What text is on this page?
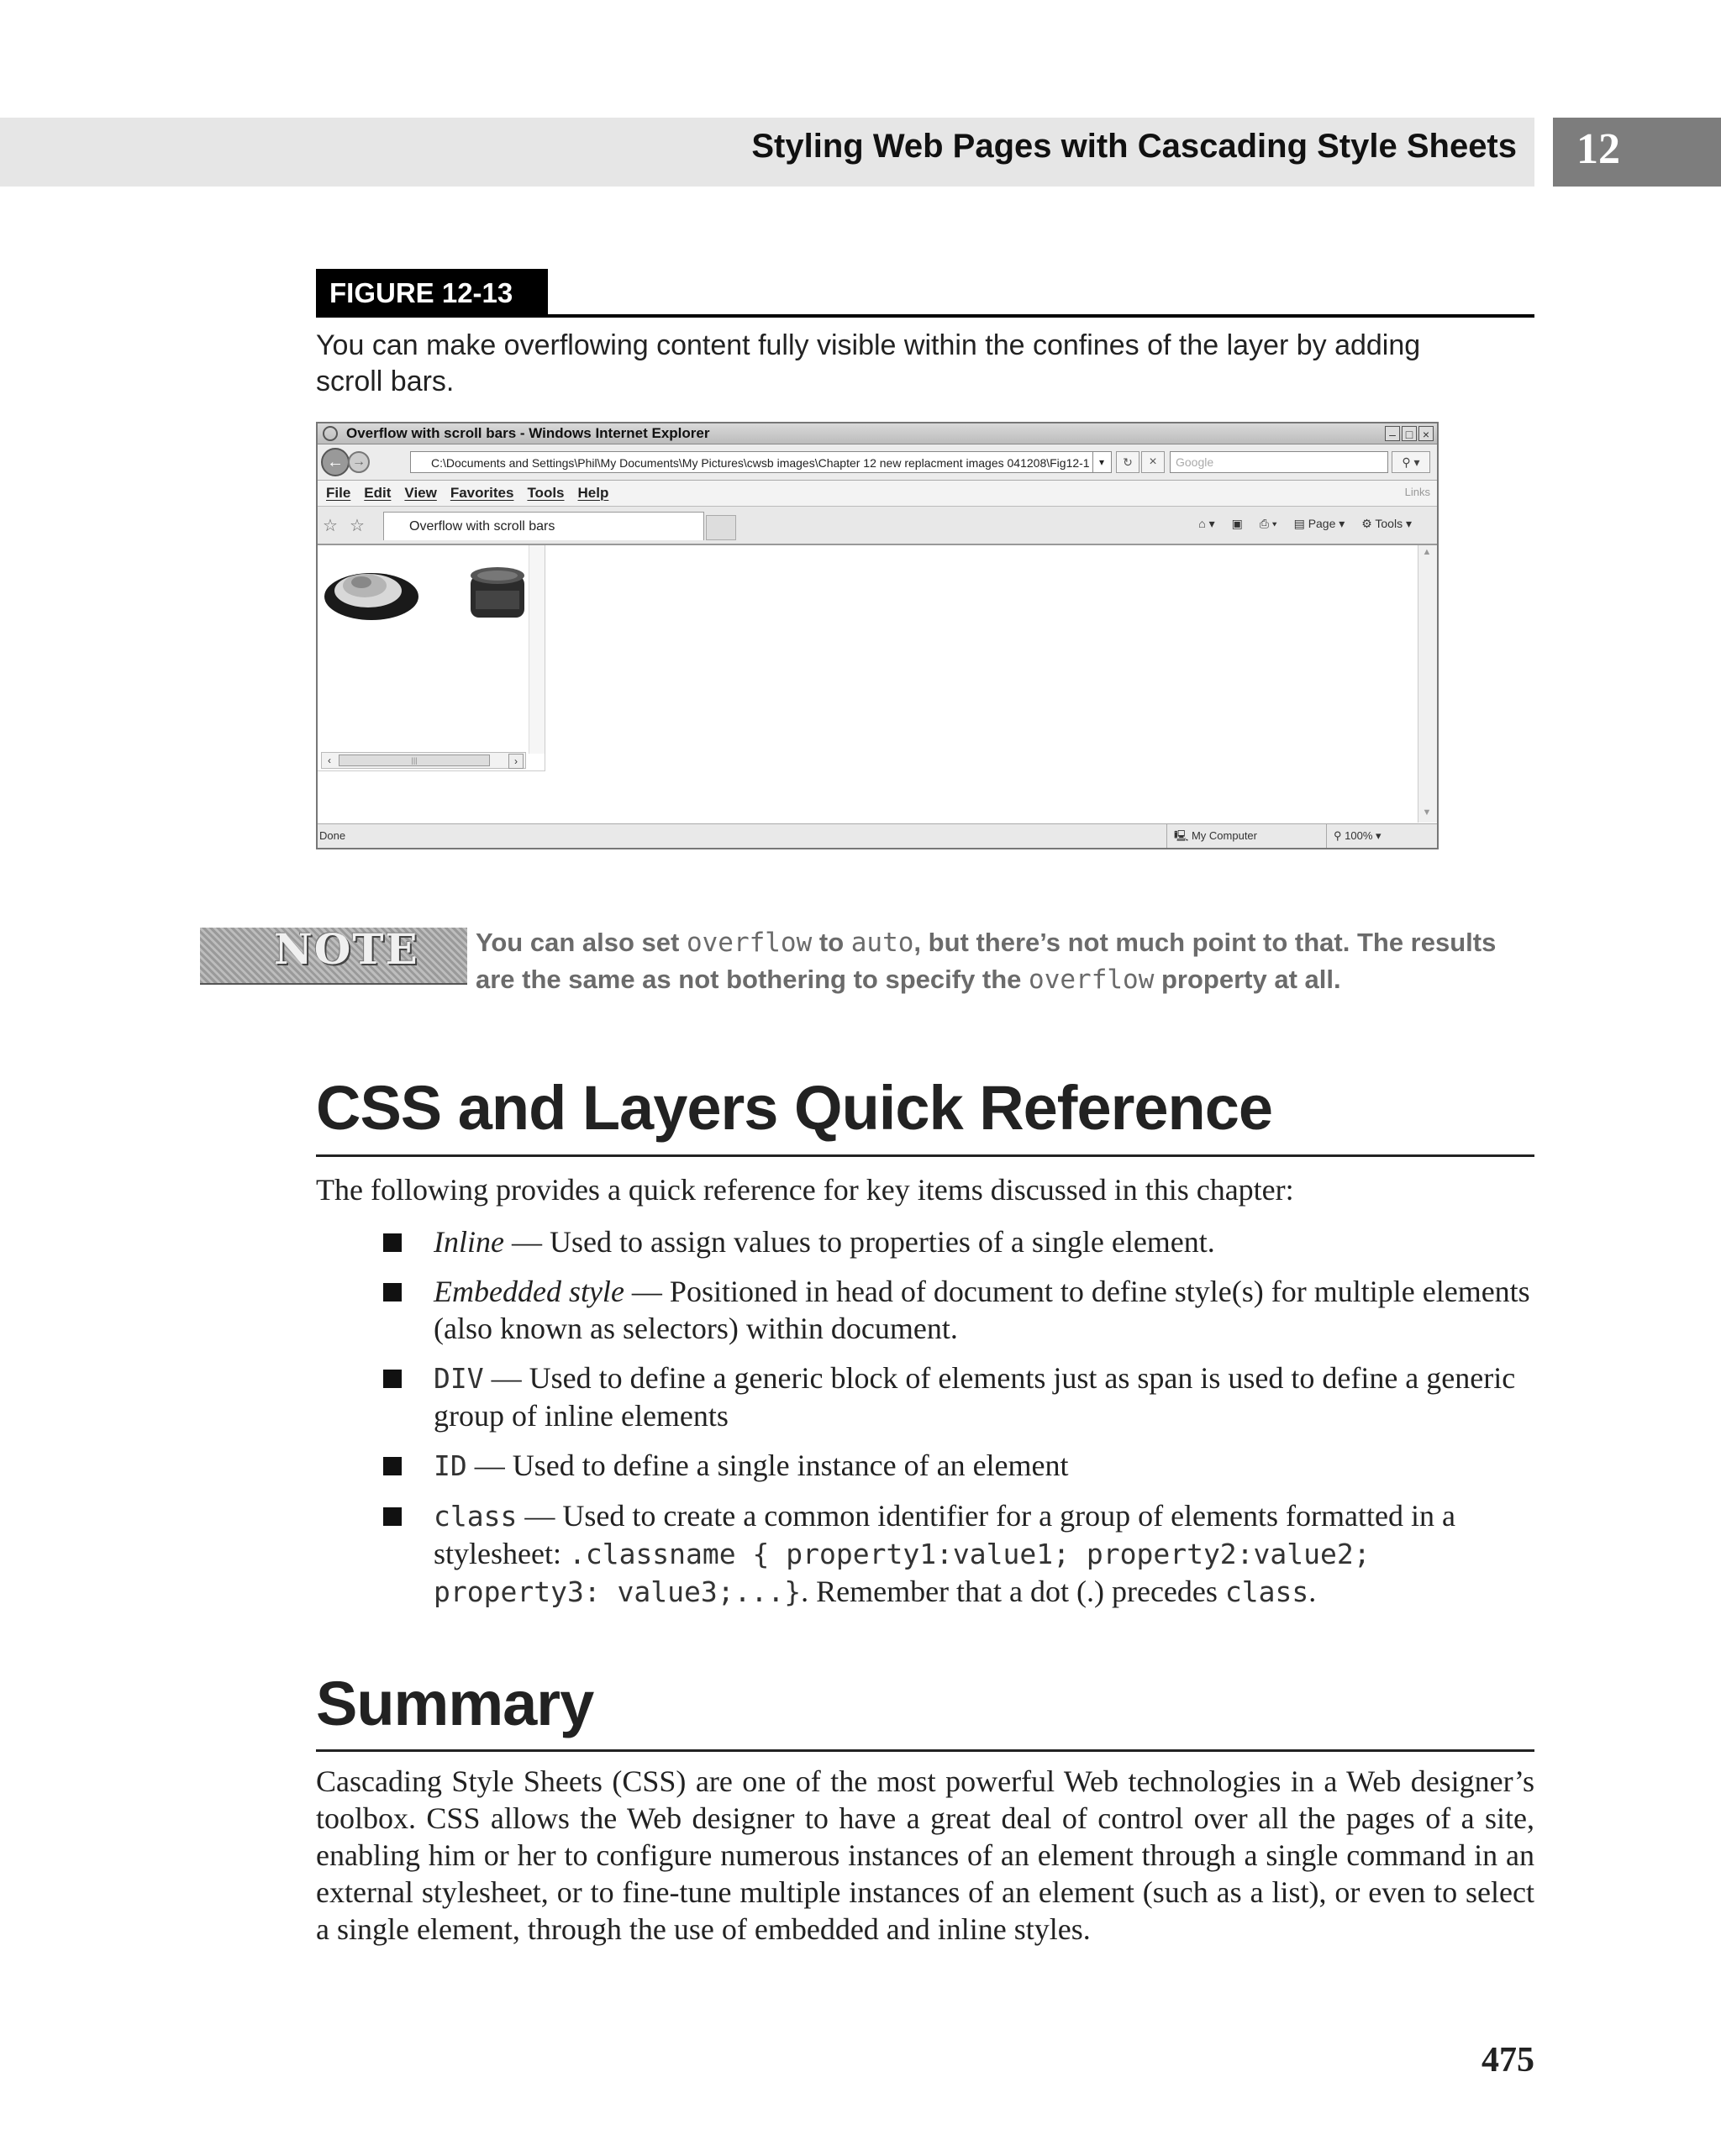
Styling Web Pages with Cascading Style Sheets 12
FIGURE 12-13
You can make overflowing content fully visible within the confines of the layer by adding scroll bars.
Overflow with scroll bars - Windows Internet Explorer	– □ ×
← →	C:\Documents and Settings\Phil\My Documents\My Pictures\cwsb images\Chapter 12 new replacment images 041208\Fig12-1 ▾	↻	×	Google	⚲ ▾
File Edit View Favorites Tools Help	Links
☆ ☆	Overflow with scroll bars	⌂ ▾ ▣ ⎙ ▾ ▤ Page ▾ ⚙ Tools ▾
‹	|||	›
▲
▼
Done	🖳 My Computer	⚲ 100% ▾
NOTE You can also set overflow to auto, but there’s not much point to that. The results are the same as not bothering to specify the overflow property at all.
CSS and Layers Quick Reference
The following provides a quick reference for key items discussed in this chapter:
Inline — Used to assign values to properties of a single element.
Embedded style — Positioned in head of document to define style(s) for multiple elements (also known as selectors) within document.
DIV — Used to define a generic block of elements just as span is used to define a generic group of inline elements
ID — Used to define a single instance of an element
class — Used to create a common identifier for a group of elements formatted in a stylesheet: .classname { property1:value1; property2:value2; property3: value3;...}. Remember that a dot (.) precedes class.
Summary
Cascading Style Sheets (CSS) are one of the most powerful Web technologies in a Web designer’s toolbox. CSS allows the Web designer to have a great deal of control over all the pages of a site, enabling him or her to configure numerous instances of an element through a single command in an external stylesheet, or to fine-tune multiple instances of an element (such as a list), or even to select a single element, through the use of embedded and inline styles.
475
